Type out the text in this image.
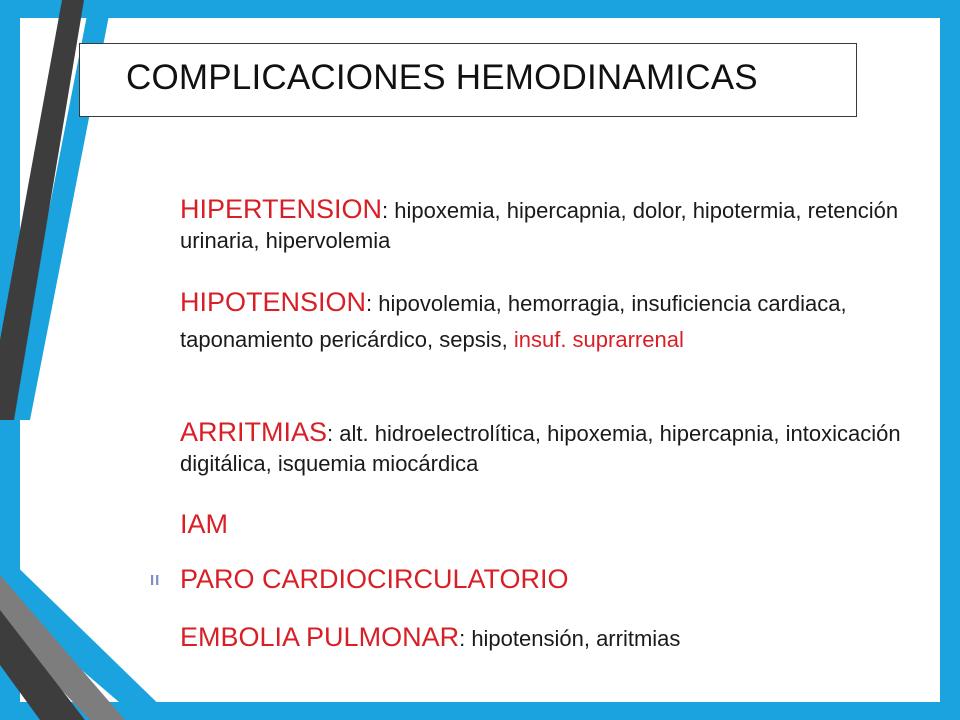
COMPLICACIONES HEMODINAMICAS
HIPERTENSION: hipoxemia, hipercapnia, dolor, hipotermia, retención urinaria, hipervolemia
HIPOTENSION: hipovolemia, hemorragia, insuficiencia cardiaca, taponamiento pericárdico, sepsis, insuf. suprarrenal
ARRITMIAS: alt. hidroelectrolítica, hipoxemia, hipercapnia, intoxicación digitálica, isquemia miocárdica
IAM
II PARO CARDIOCIRCULATORIO
EMBOLIA PULMONAR: hipotensión, arritmias
